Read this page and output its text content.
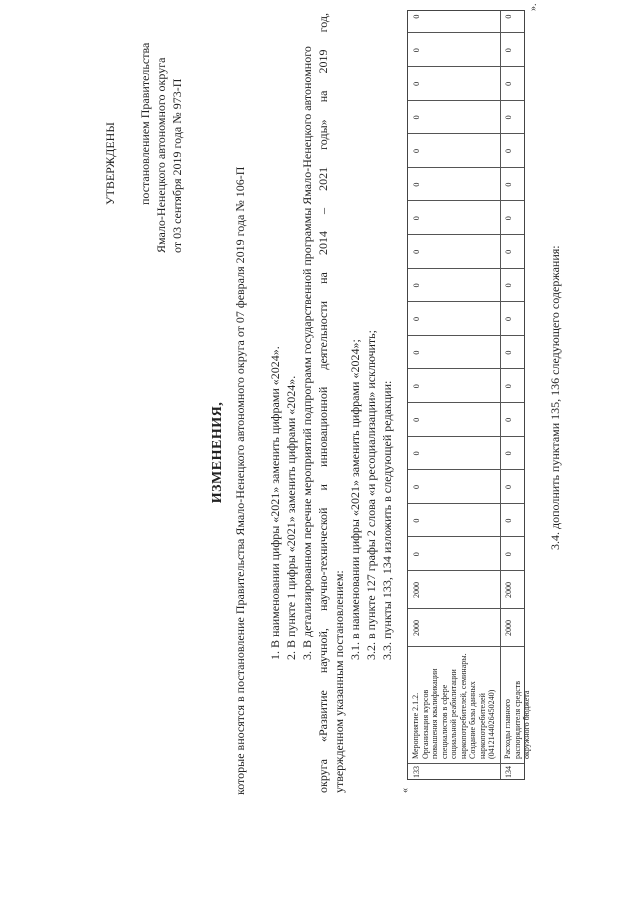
УТВЕРЖДЕНЫ постановлением Правительства Ямало-Ненецкого автономного округа от 03 сентября 2019 года № 973-П
ИЗМЕНЕНИЯ, которые вносятся в постановление Правительства Ямало-Ненецкого автономного округа от 07 февраля 2019 года № 106-П 1. В наименовании цифры «2021» заменить цифрами «2024». 2. В пункте 1 цифры «2021» заменить цифрами «2024». 3. В детализированном перечне мероприятий подпрограмм государственной программы Ямало-Ненецкого автономного округа «Развитие научной, научно-технической и инновационной деятельности на 2014 – 2021 годы» на 2019 год, утвержденном указанным постановлением:
3.1. в наименовании цифры «2021» заменить цифрами «2024»; 3.2. в пункте 127 графы 2 слова «и ресоциализации» исключить; 3.3. пункты 133, 134 изложить в следующей редакции:
«
».
133
Мероприятие 2.1.2. Организация курсов повышения квалификации специалистов в сфере социальной реабилитации наркопотребителей, семинары. Создание базы данных наркопотребителей (0412144026450240)
2000
2000
134
Расходы главного распорядителя средств окружного бюджета
2000
2000
0
0
0
0
0
0
0
0
0
0
0
0
0
0
0
0
0
0
0
0
0
0
0
0
0
0
0
0
0
0
0
0
0
0
3.4. дополнить пунктами 135, 136 следующего содержания:
